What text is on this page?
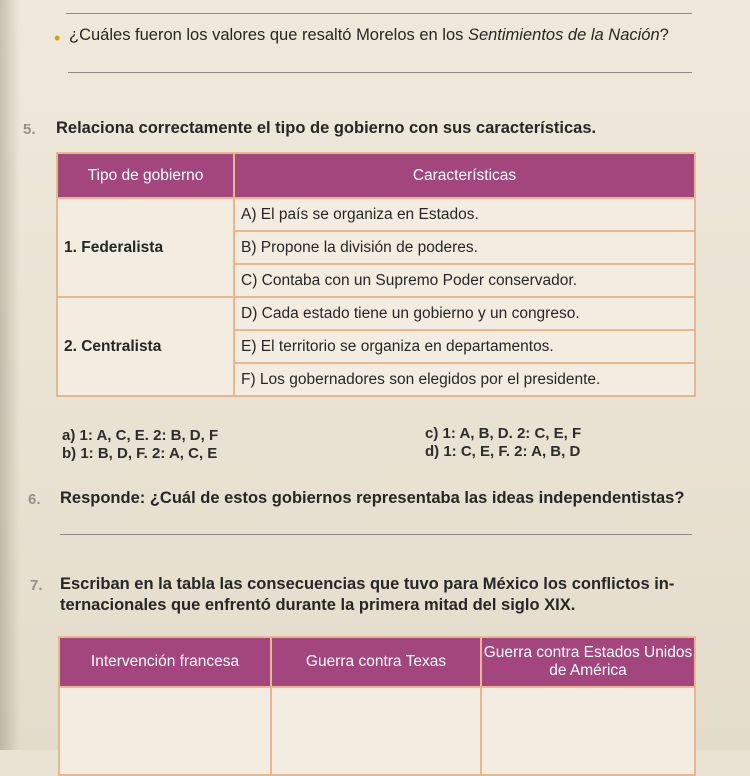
• ¿Cuáles fueron los valores que resaltó Morelos en los Sentimientos de la Nación?
5. Relaciona correctamente el tipo de gobierno con sus características.
Tipo de gobierno	Características
1. Federalista	A) El país se organiza en Estados.
	B) Propone la división de poderes.
	C) Contaba con un Supremo Poder conservador.
2. Centralista	D) Cada estado tiene un gobierno y un congreso.
	E) El territorio se organiza en departamentos.
	F) Los gobernadores son elegidos por el presidente.
a) 1: A, C, E. 2: B, D, F
b) 1: B, D, F. 2: A, C, E
c) 1: A, B, D. 2: C, E, F
d) 1: C, E, F. 2: A, B, D
6. Responde: ¿Cuál de estos gobiernos representaba las ideas independentistas?
7. Escriban en la tabla las consecuencias que tuvo para México los conflictos in-
ternacionales que enfrentó durante la primera mitad del siglo XIX.
Intervención francesa	Guerra contra Texas	Guerra contra Estados Unidos de América
